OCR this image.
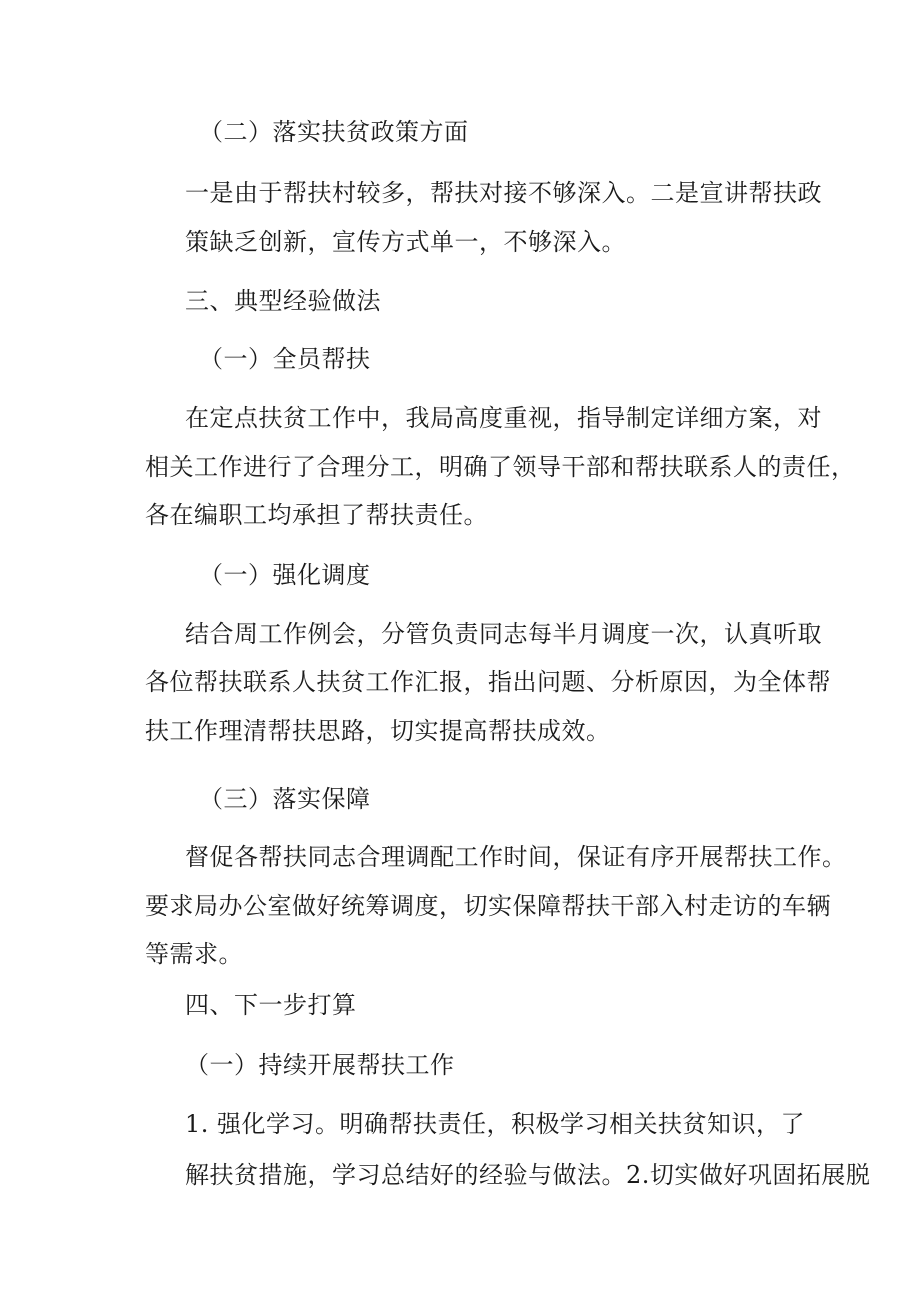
（二）落实扶贫政策方面
一是由于帮扶村较多，帮扶对接不够深入。二是宣讲帮扶政
策缺乏创新，宣传方式单一，不够深入。
三、典型经验做法
（一）全员帮扶
在定点扶贫工作中，我局高度重视，指导制定详细方案，对
相关工作进行了合理分工，明确了领导干部和帮扶联系人的责任，
各在编职工均承担了帮扶责任。
（一）强化调度
结合周工作例会，分管负责同志每半月调度一次，认真听取
各位帮扶联系人扶贫工作汇报，指出问题、分析原因，为全体帮
扶工作理清帮扶思路，切实提高帮扶成效。
（三）落实保障
督促各帮扶同志合理调配工作时间，保证有序开展帮扶工作。
要求局办公室做好统筹调度，切实保障帮扶干部入村走访的车辆
等需求。
四、下一步打算
（一）持续开展帮扶工作
1. 强化学习。明确帮扶责任，积极学习相关扶贫知识，了
解扶贫措施，学习总结好的经验与做法。2.切实做好巩固拓展脱
